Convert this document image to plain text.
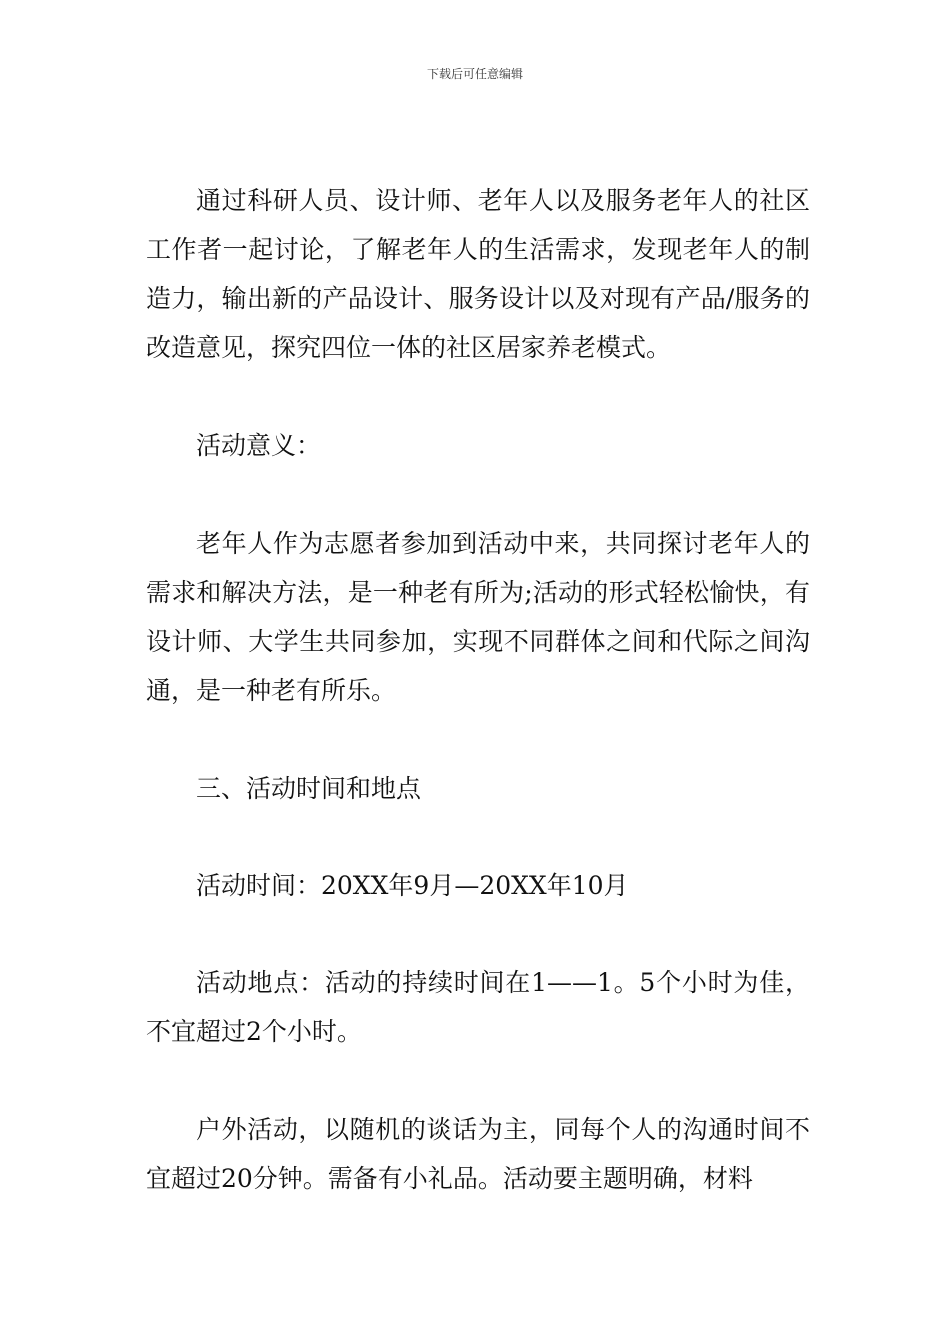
下载后可任意编辑

通过科研人员、设计师、老年人以及服务老年人的社区工作者一起讨论，了解老年人的生活需求，发现老年人的制造力，输出新的产品设计、服务设计以及对现有产品/服务的改造意见，探究四位一体的社区居家养老模式。

活动意义：

老年人作为志愿者参加到活动中来，共同探讨老年人的需求和解决方法，是一种老有所为;活动的形式轻松愉快，有设计师、大学生共同参加，实现不同群体之间和代际之间沟通，是一种老有所乐。

三、活动时间和地点

活动时间：20XX年9月—20XX年10月

活动地点：活动的持续时间在1——1。5个小时为佳，不宜超过2个小时。

户外活动，以随机的谈话为主，同每个人的沟通时间不宜超过20分钟。需备有小礼品。活动要主题明确，材料
